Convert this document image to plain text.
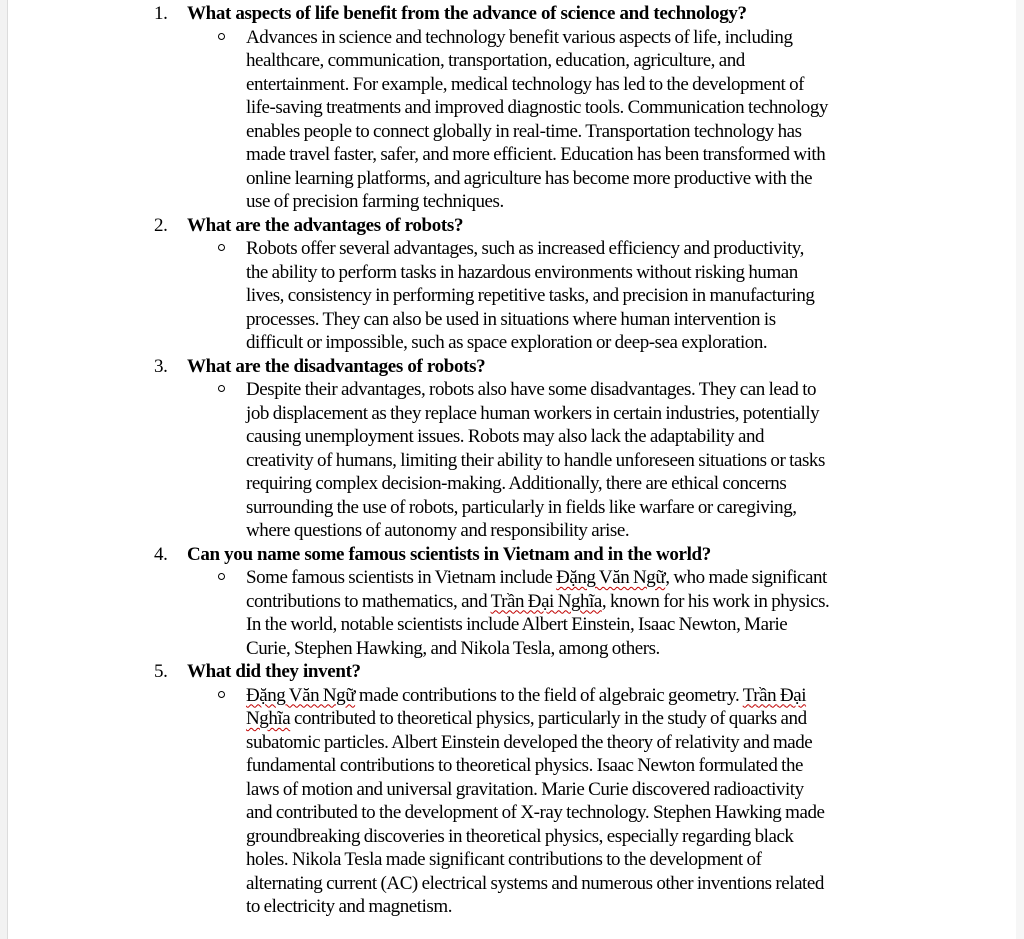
1. What aspects of life benefit from the advance of science and technology?
Advances in science and technology benefit various aspects of life, including
healthcare, communication, transportation, education, agriculture, and
entertainment. For example, medical technology has led to the development of
life-saving treatments and improved diagnostic tools. Communication technology
enables people to connect globally in real-time. Transportation technology has
made travel faster, safer, and more efficient. Education has been transformed with
online learning platforms, and agriculture has become more productive with the
use of precision farming techniques.
2. What are the advantages of robots?
Robots offer several advantages, such as increased efficiency and productivity,
the ability to perform tasks in hazardous environments without risking human
lives, consistency in performing repetitive tasks, and precision in manufacturing
processes. They can also be used in situations where human intervention is
difficult or impossible, such as space exploration or deep-sea exploration.
3. What are the disadvantages of robots?
Despite their advantages, robots also have some disadvantages. They can lead to
job displacement as they replace human workers in certain industries, potentially
causing unemployment issues. Robots may also lack the adaptability and
creativity of humans, limiting their ability to handle unforeseen situations or tasks
requiring complex decision-making. Additionally, there are ethical concerns
surrounding the use of robots, particularly in fields like warfare or caregiving,
where questions of autonomy and responsibility arise.
4. Can you name some famous scientists in Vietnam and in the world?
Some famous scientists in Vietnam include Đặng Văn Ngữ, who made significant
contributions to mathematics, and Trần Đại Nghĩa, known for his work in physics.
In the world, notable scientists include Albert Einstein, Isaac Newton, Marie
Curie, Stephen Hawking, and Nikola Tesla, among others.
5. What did they invent?
Đặng Văn Ngữ made contributions to the field of algebraic geometry. Trần Đại
Nghĩa contributed to theoretical physics, particularly in the study of quarks and
subatomic particles. Albert Einstein developed the theory of relativity and made
fundamental contributions to theoretical physics. Isaac Newton formulated the
laws of motion and universal gravitation. Marie Curie discovered radioactivity
and contributed to the development of X-ray technology. Stephen Hawking made
groundbreaking discoveries in theoretical physics, especially regarding black
holes. Nikola Tesla made significant contributions to the development of
alternating current (AC) electrical systems and numerous other inventions related
to electricity and magnetism.
